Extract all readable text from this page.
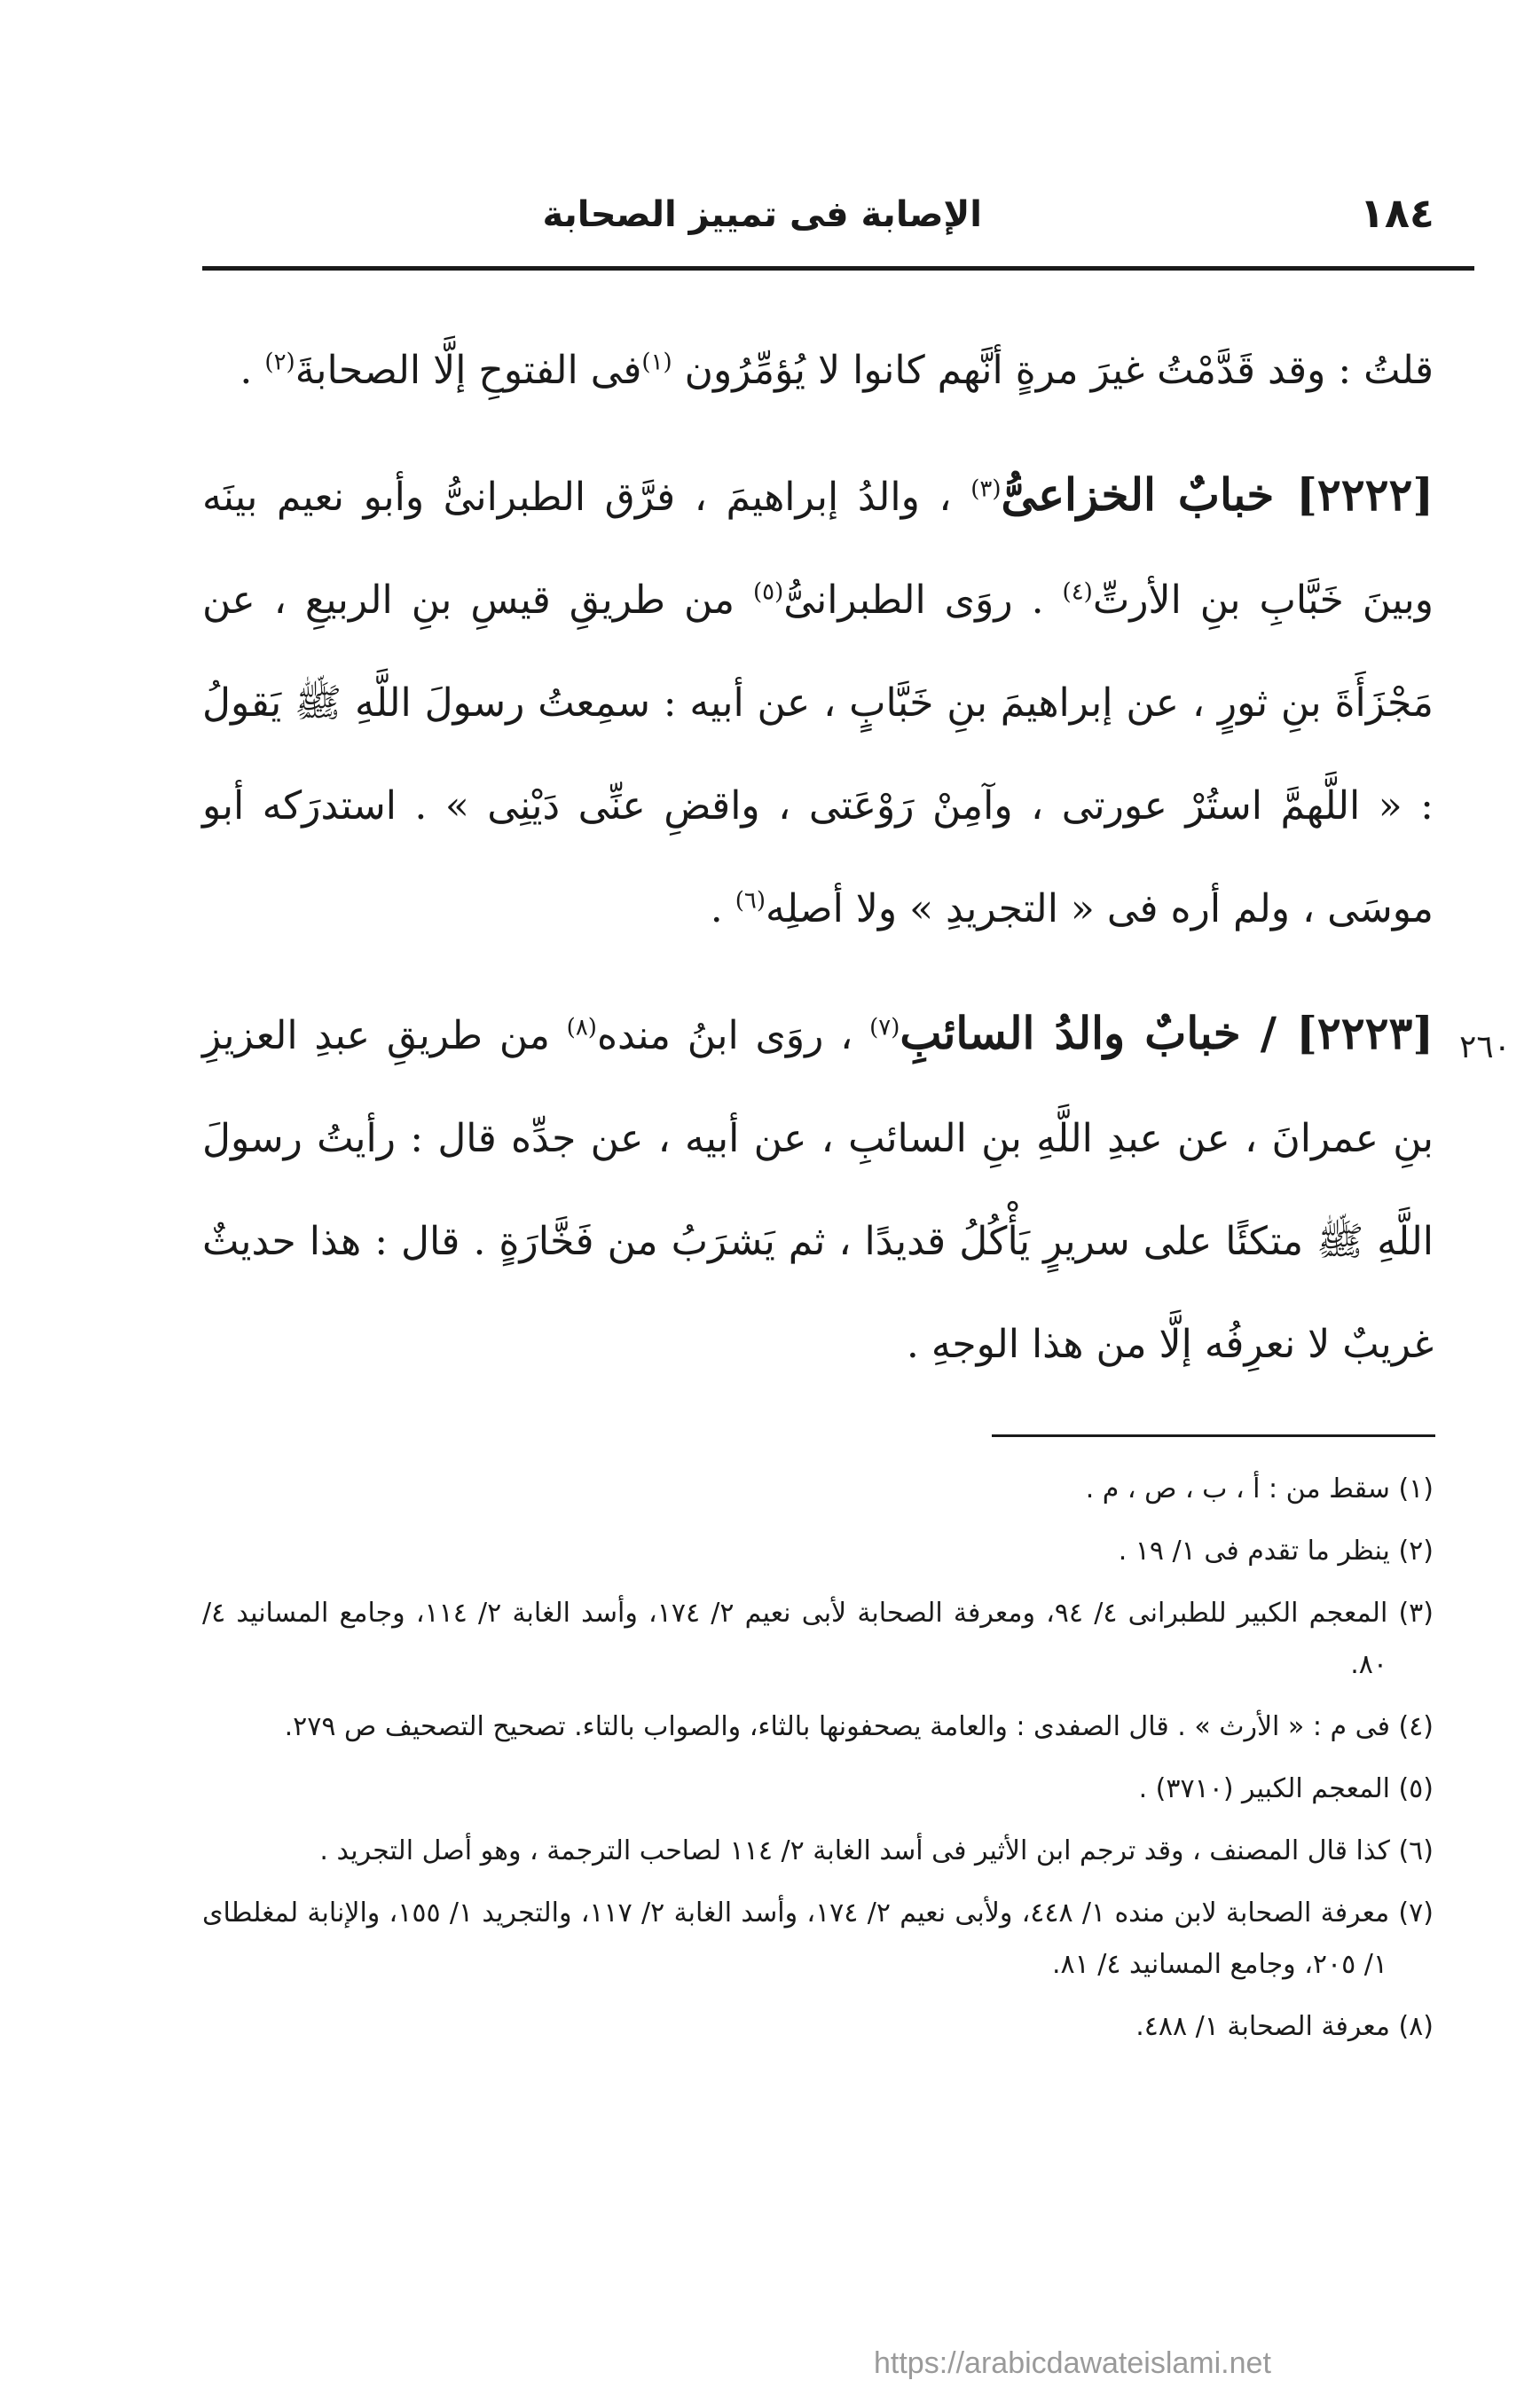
١٨٤
الإصابة فى تمييز الصحابة
٢٦٠

قلتُ : وقد قَدَّمْتُ غيرَ مرةٍ أنَّهم كانوا لا يُؤمِّرُون $^{(١)}$فى الفتوحِ إلَّا الصحابةَ$^{(٢)}$ .

[٢٢٢٢] خبابٌ الخزاعىُّ$^{(٣)}$ ، والدُ إبراهيمَ ، فرَّق الطبرانىُّ وأبو نعيم بينَه وبينَ خَبَّابِ بنِ الأرتِّ$^{(٤)}$ . روَى الطبرانىُّ$^{(٥)}$ من طريقِ قيسِ بنِ الربيعِ ، عن مَجْزَأَةَ بنِ ثورٍ ، عن إبراهيمَ بنِ خَبَّابٍ ، عن أبيه : سمِعتُ رسولَ اللَّهِ ﷺ يَقولُ : « اللَّهمَّ استُرْ عورتى ، وآمِنْ رَوْعَتى ، واقضِ عنِّى دَيْنِى » . استدرَكه أبو موسَى ، ولم أره فى « التجريدِ » ولا أصلِه$^{(٦)}$ .

[٢٢٢٣] / خبابٌ والدُ السائبِ$^{(٧)}$ ، روَى ابنُ منده$^{(٨)}$ من طريقِ عبدِ العزيزِ بنِ عمرانَ ، عن عبدِ اللَّهِ بنِ السائبِ ، عن أبيه ، عن جدِّه قال : رأيتُ رسولَ اللَّهِ ﷺ متكئًا على سريرٍ يَأْكُلُ قديدًا ، ثم يَشرَبُ من فَخَّارَةٍ . قال : هذا حديثٌ غريبٌ لا نعرِفُه إلَّا من هذا الوجهِ .

(١) سقط من : أ ، ب ، ص ، م .

(٢) ينظر ما تقدم فى ١/ ١٩ .

(٣) المعجم الكبير للطبرانى ٤/ ٩٤، ومعرفة الصحابة لأبى نعيم ٢/ ١٧٤، وأسد الغابة ٢/ ١١٤، وجامع المسانيد ٤/ ٨٠.

(٤) فى م : « الأرث » . قال الصفدى : والعامة يصحفونها بالثاء، والصواب بالتاء. تصحيح التصحيف ص ٢٧٩.

(٥) المعجم الكبير (٣٧١٠) .

(٦) كذا قال المصنف ، وقد ترجم ابن الأثير فى أسد الغابة ٢/ ١١٤ لصاحب الترجمة ، وهو أصل التجريد .

(٧) معرفة الصحابة لابن منده ١/ ٤٤٨، ولأبى نعيم ٢/ ١٧٤، وأسد الغابة ٢/ ١١٧، والتجريد ١/ ١٥٥، والإنابة لمغلطاى ١/ ٢٠٥، وجامع المسانيد ٤/ ٨١.

(٨) معرفة الصحابة ١/ ٤٨٨.

https://arabicdawateislami.net
